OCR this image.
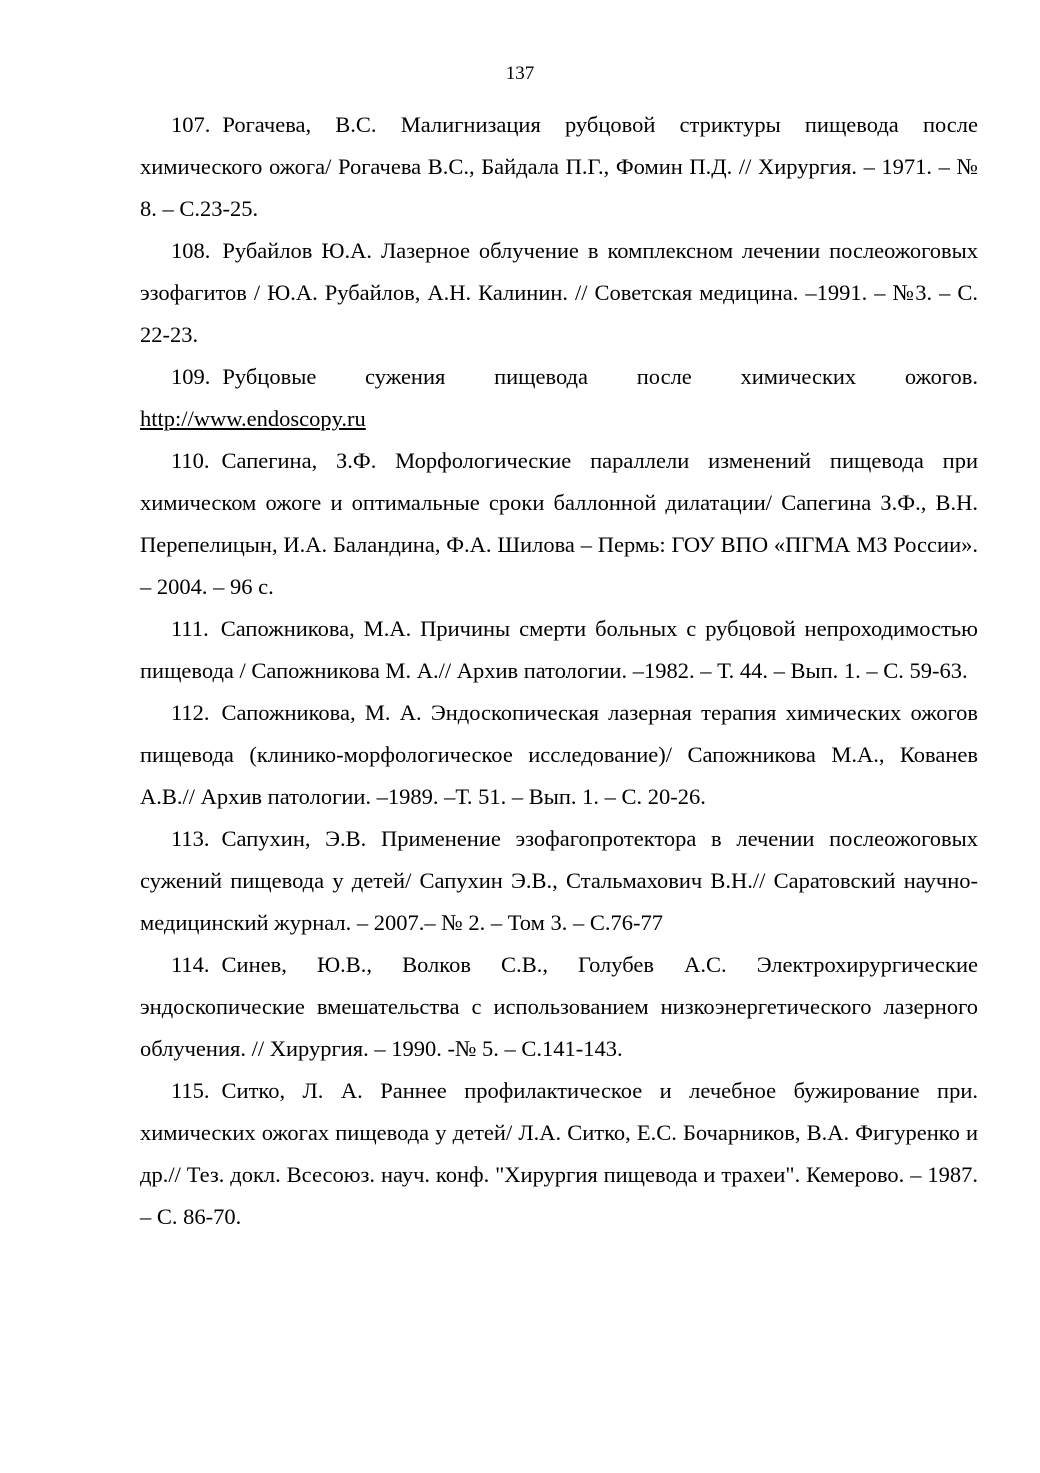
137

107. Рогачева, В.С. Малигнизация рубцовой стриктуры пищевода после химического ожога/ Рогачева В.С., Байдала П.Г., Фомин П.Д. // Хирургия. – 1971. – № 8. – С.23-25.

108. Рубайлов Ю.А. Лазерное облучение в комплексном лечении послеожоговых эзофагитов / Ю.А. Рубайлов, А.Н. Калинин. // Советская медицина. –1991. – №3. – С. 22-23.

109. Рубцовые сужения пищевода после химических ожогов. http://www.endoscopy.ru

110. Сапегина, З.Ф. Морфологические параллели изменений пищевода при химическом ожоге и оптимальные сроки баллонной дилатации/ Сапегина З.Ф., В.Н. Перепелицын, И.А. Баландина, Ф.А. Шилова – Пермь: ГОУ ВПО «ПГМА МЗ России». – 2004. – 96 с.

111. Сапожникова, М.А. Причины смерти больных с рубцовой непроходимостью пищевода / Сапожникова М. А.// Архив патологии. –1982. – Т. 44. – Вып. 1. – С. 59-63.

112. Сапожникова, М. А. Эндоскопическая лазерная терапия химических ожогов пищевода (клинико-морфологическое исследование)/ Сапожникова М.А., Кованев А.В.// Архив патологии. –1989. –Т. 51. – Вып. 1. – С. 20-26.

113. Сапухин, Э.В. Применение эзофагопротектора в лечении послеожоговых сужений пищевода у детей/ Сапухин Э.В., Стальмахович В.Н.// Саратовский научно-медицинский журнал. – 2007.– № 2. – Том 3. – С.76-77

114. Синев, Ю.В., Волков С.В., Голубев А.С. Электрохирургические эндоскопические вмешательства с использованием низкоэнергетического лазерного облучения. // Хирургия. – 1990. -№ 5. – С.141-143.

115. Ситко, Л. А. Раннее профилактическое и лечебное бужирование при. химических ожогах пищевода у детей/ Л.А. Ситко, Е.С. Бочарников, В.А. Фигуренко и др.// Тез. докл. Всесоюз. науч. конф. "Хирургия пищевода и трахеи". Кемерово. – 1987. – С. 86-70.
